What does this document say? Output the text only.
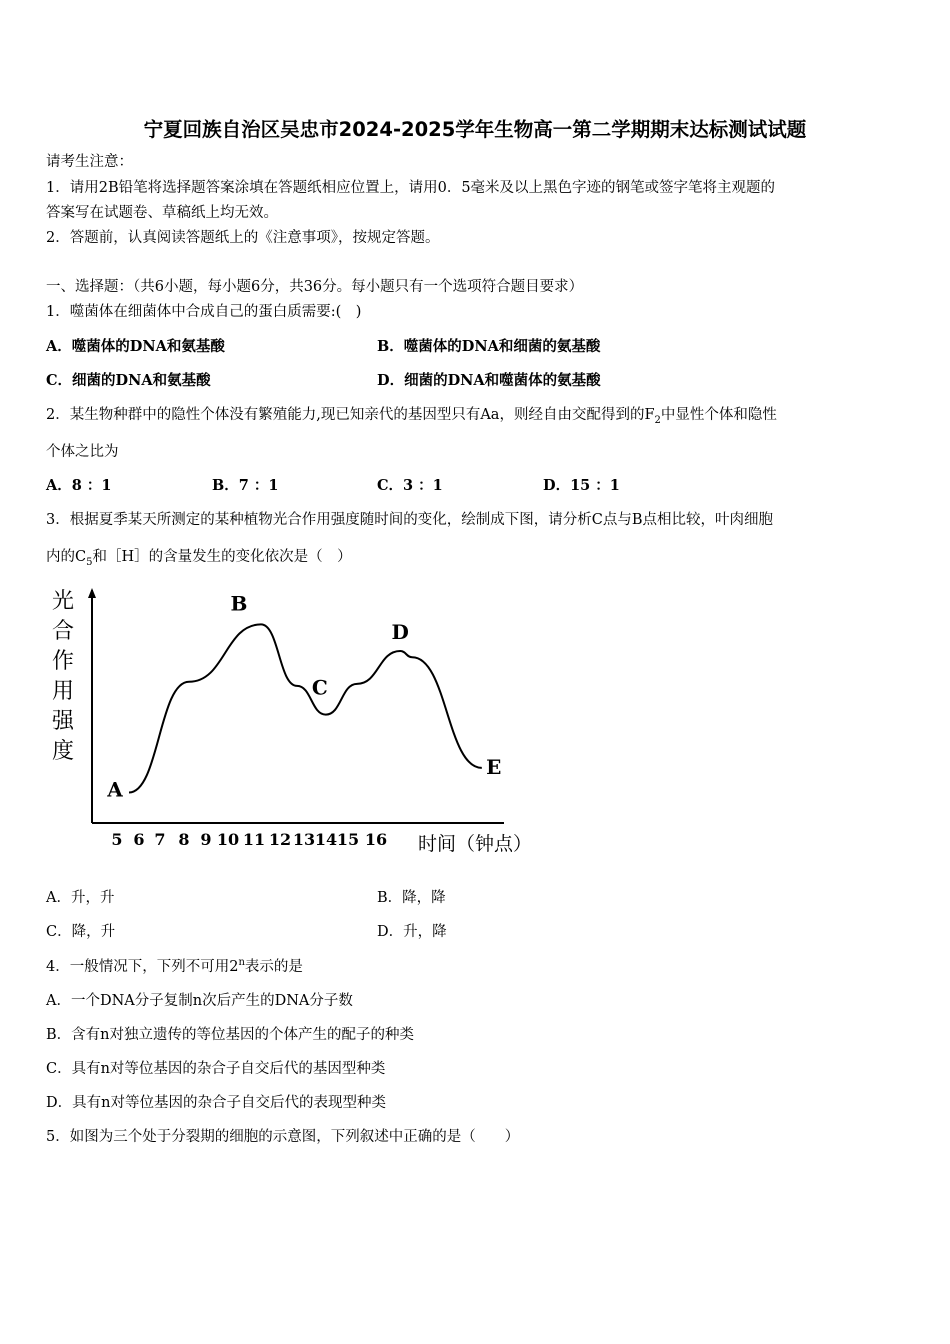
宁夏回族自治区吴忠市2024-2025学年生物高一第二学期期末达标测试试题
请考生注意：
1．请用2B铅笔将选择题答案涂填在答题纸相应位置上，请用0．5毫米及以上黑色字迹的钢笔或签字笔将主观题的
答案写在试题卷、草稿纸上均无效。
2．答题前，认真阅读答题纸上的《注意事项》，按规定答题。
一、选择题：（共6小题，每小题6分，共36分。每小题只有一个选项符合题目要求）
1．噬菌体在细菌体中合成自己的蛋白质需要:(　)
A．噬菌体的DNA和氨基酸	B．噬菌体的DNA和细菌的氨基酸
C．细菌的DNA和氨基酸	D．细菌的DNA和噬菌体的氨基酸
2．某生物种群中的隐性个体没有繁殖能力,现已知亲代的基因型只有Aa，则经自由交配得到的$F_2$中显性个体和隐性
个体之比为
A．8 ：1	B．7 ：1	C．3 ：1	D．15 ：1
3．根据夏季某天所测定的某种植物光合作用强度随时间的变化，绘制成下图，请分析C点与B点相比较，叶肉细胞
内的$C_5$和［H］的含量发生的变化依次是（　）
光
合
作
用
强
度
5 6 7 8 9 10 11 12 13 14 15 16
A
B
C
D
E
时间（钟点）
A．升，升	B．降，降
C．降，升	D．升，降
4．一般情况下，下列不可用2$^n$表示的是
A．一个DNA分子复制n次后产生的DNA分子数
B．含有n对独立遗传的等位基因的个体产生的配子的种类
C．具有n对等位基因的杂合子自交后代的基因型种类
D．具有n对等位基因的杂合子自交后代的表现型种类
5．如图为三个处于分裂期的细胞的示意图，下列叙述中正确的是（　　）
